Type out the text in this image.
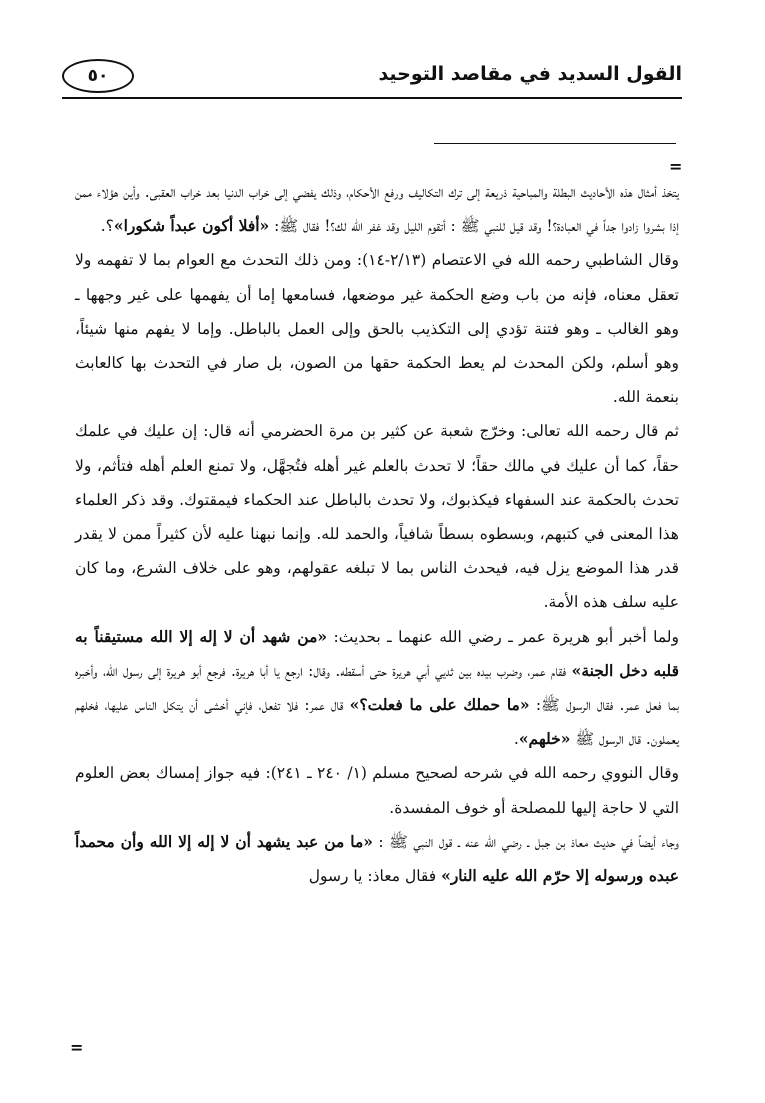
القول السديد في مقاصد التوحيد
٥٠
=

يتخذ أمثال هذه الأحاديث البطلة والمباحية ذريعة إلى ترك التكاليف ورفع الأحكام، وذلك يفضي إلى خراب الدنيا بعد خراب العقبى. وأين هؤلاء ممن إذا بشروا زادوا جداً في العبادة؟! وقد قيل للنبي ﷺ : أتقوم الليل وقد غفر الله لك؟! فقال ﷺ: «أفلا أكون عبداً شكورا»؟.

وقال الشاطبي رحمه الله في الاعتصام (٢/١٣-١٤): ومن ذلك التحدث مع العوام بما لا تفهمه ولا تعقل معناه، فإنه من باب وضع الحكمة غير موضعها، فسامعها إما أن يفهمها على غير وجهها ـ وهو الغالب ـ وهو فتنة تؤدي إلى التكذيب بالحق وإلى العمل بالباطل. وإما لا يفهم منها شيئاً، وهو أسلم، ولكن المحدث لم يعط الحكمة حقها من الصون، بل صار في التحدث بها كالعابث بنعمة الله.

ثم قال رحمه الله تعالى: وخرّج شعبة عن كثير بن مرة الحضرمي أنه قال: إن عليك في علمك حقاً، كما أن عليك في مالك حقاً؛ لا تحدث بالعلم غير أهله فتُجهَّل، ولا تمنع العلم أهله فتأثم، ولا تحدث بالحكمة عند السفهاء فيكذبوك، ولا تحدث بالباطل عند الحكماء فيمقتوك. وقد ذكر العلماء هذا المعنى في كتبهم، وبسطوه بسطاً شافياً، والحمد لله. وإنما نبهنا عليه لأن كثيراً ممن لا يقدر قدر هذا الموضع يزل فيه، فيحدث الناس بما لا تبلغه عقولهم، وهو على خلاف الشرع، وما كان عليه سلف هذه الأمة.

ولما أخبر أبو هريرة عمر ـ رضي الله عنهما ـ بحديث: «من شهد أن لا إله إلا الله مستيقناً به قلبه دخل الجنة» فقام عمر، وضرب بيده بين ثديي أبي هريرة حتى أسقطه. وقال: ارجع يا أبا هريرة. فرجع أبو هريرة إلى رسول الله، وأخبره بما فعل عمر. فقال الرسول ﷺ: «ما حملك على ما فعلت؟» قال عمر: فلا تفعل، فإني أخشى أن يتكل الناس عليها، فخلهم يعملون. قال الرسول ﷺ «خلهم».

وقال النووي رحمه الله في شرحه لصحيح مسلم (١/ ٢٤٠ ـ ٢٤١): فيه جواز إمساك بعض العلوم التي لا حاجة إليها للمصلحة أو خوف المفسدة.

وجاء أيضاً في حديث معاذ بن جبل ـ رضي الله عنه ـ قول النبي ﷺ : «ما من عبد يشهد أن لا إله إلا الله وأن محمداً عبده ورسوله إلا حرّم الله عليه النار» فقال معاذ: يا رسول

=
